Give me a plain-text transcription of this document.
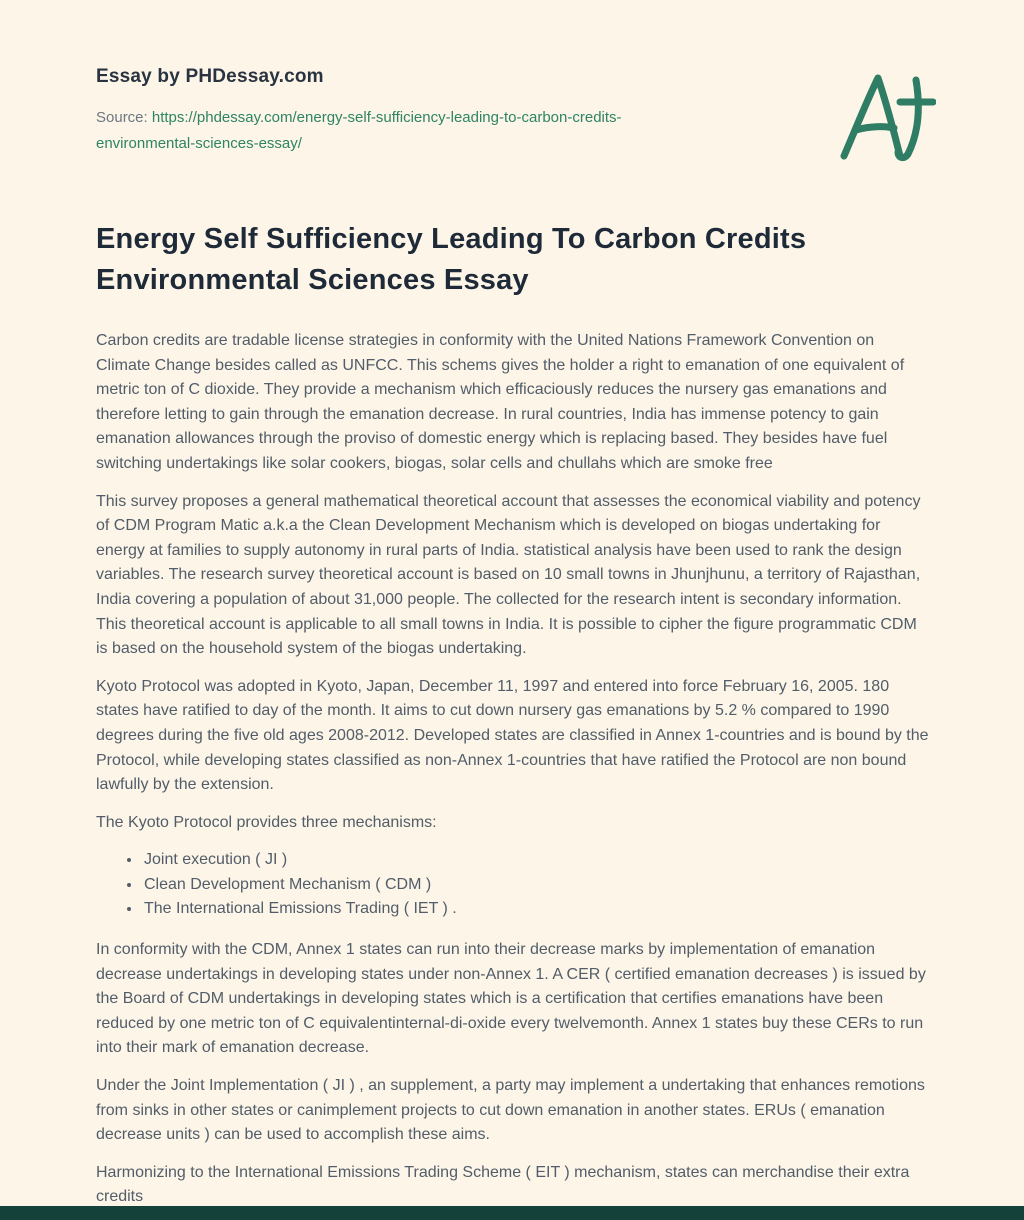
Essay by PHDessay.com
Source: https://phdessay.com/energy-self-sufficiency-leading-to-carbon-credits-environmental-sciences-essay/
Energy Self Sufficiency Leading To Carbon Credits Environmental Sciences Essay

Carbon credits are tradable license strategies in conformity with the United Nations Framework Convention on Climate Change besides called as UNFCC. This schems gives the holder a right to emanation of one equivalent of metric ton of C dioxide. They provide a mechanism which efficaciously reduces the nursery gas emanations and therefore letting to gain through the emanation decrease. In rural countries, India has immense potency to gain emanation allowances through the proviso of domestic energy which is replacing based. They besides have fuel switching undertakings like solar cookers, biogas, solar cells and chullahs which are smoke free

This survey proposes a general mathematical theoretical account that assesses the economical viability and potency of CDM Program Matic a.k.a the Clean Development Mechanism which is developed on biogas undertaking for energy at families to supply autonomy in rural parts of India. statistical analysis have been used to rank the design variables. The research survey theoretical account is based on 10 small towns in Jhunjhunu, a territory of Rajasthan, India covering a population of about 31,000 people. The collected for the research intent is secondary information. This theoretical account is applicable to all small towns in India. It is possible to cipher the figure programmatic CDM is based on the household system of the biogas undertaking.

Kyoto Protocol was adopted in Kyoto, Japan, December 11, 1997 and entered into force February 16, 2005. 180 states have ratified to day of the month. It aims to cut down nursery gas emanations by 5.2 % compared to 1990 degrees during the five old ages 2008-2012. Developed states are classified in Annex 1-countries and is bound by the Protocol, while developing states classified as non-Annex 1-countries that have ratified the Protocol are non bound lawfully by the extension.

The Kyoto Protocol provides three mechanisms:

• Joint execution ( JI )
• Clean Development Mechanism ( CDM )
• The International Emissions Trading ( IET ) .

In conformity with the CDM, Annex 1 states can run into their decrease marks by implementation of emanation decrease undertakings in developing states under non-Annex 1. A CER ( certified emanation decreases ) is issued by the Board of CDM undertakings in developing states which is a certification that certifies emanations have been reduced by one metric ton of C equivalentinternal-di-oxide every twelvemonth. Annex 1 states buy these CERs to run into their mark of emanation decrease.

Under the Joint Implementation ( JI ) , an supplement, a party may implement a undertaking that enhances remotions from sinks in other states or canimplement projects to cut down emanation in another states. ERUs ( emanation decrease units ) can be used to accomplish these aims.

Harmonizing to the International Emissions Trading Scheme ( EIT ) mechanism, states can merchandise their extra credits
